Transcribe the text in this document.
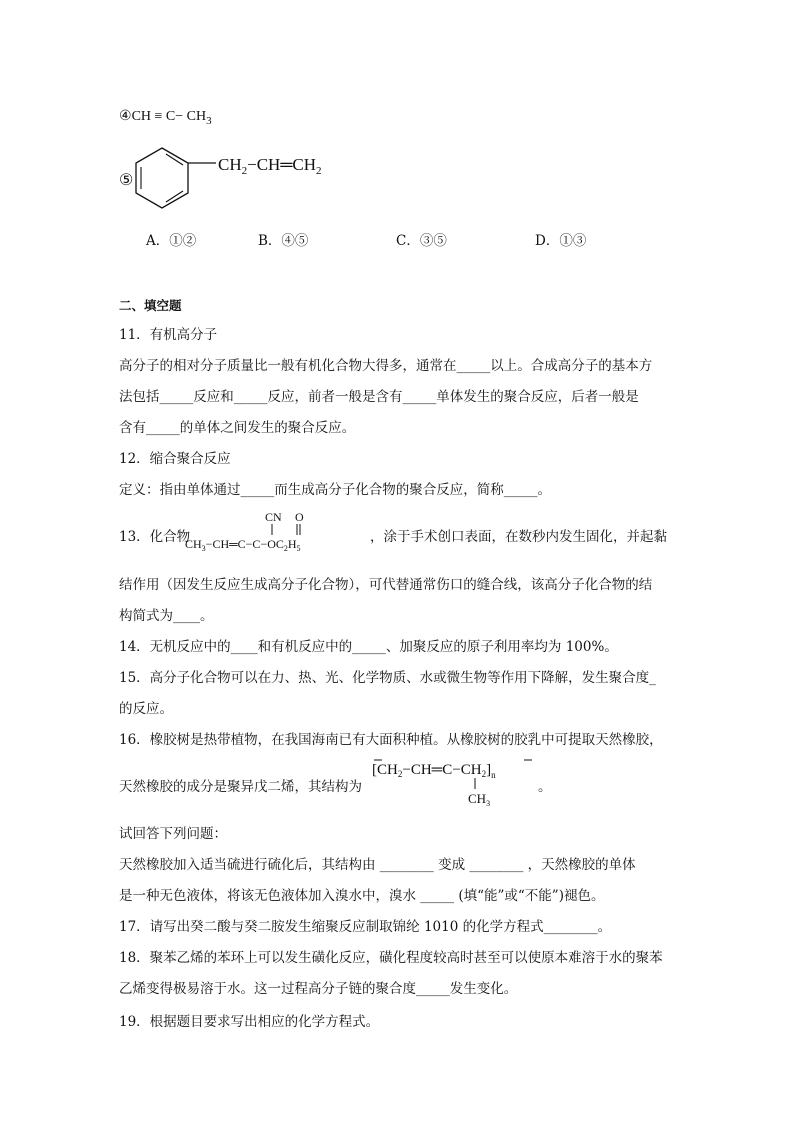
④CH ≡ $C- CH_3$
⑤
$CH_2-CH═CH_2$
A．①②	B．④⑤	C．③⑤	D．①③
二、填空题
11．有机高分子
高分子的相对分子质量比一般有机化合物大得多，通常在_____以上。合成高分子的基本方
法包括_____反应和_____反应，前者一般是含有_____单体发生的聚合反应，后者一般是
含有_____的单体之间发生的聚合反应。
12．缩合聚合反应
定义：指由单体通过_____而生成高分子化合物的聚合反应，简称_____。
13．化合物
CN O
$CH_3-CH═C-C-OC_2H_5$
，涂于手术创口表面，在数秒内发生固化，并起黏
结作用（因发生反应生成高分子化合物），可代替通常伤口的缝合线，该高分子化合物的结
构简式为____。
14．无机反应中的____和有机反应中的_____、加聚反应的原子利用率均为 100%。
15．高分子化合物可以在力、热、光、化学物质、水或微生物等作用下降解，发生聚合度_
的反应。
16．橡胶树是热带植物，在我国海南已有大面积种植。从橡胶树的胶乳中可提取天然橡胶，
天然橡胶的成分是聚异戊二烯，其结构为
$[CH_2-CH═C-CH_2]_n$
$CH_3$
。
试回答下列问题：
天然橡胶加入适当硫进行硫化后，其结构由 ________ 变成 ________ ，天然橡胶的单体
是一种无色液体，将该无色液体加入溴水中，溴水 _____ (填“能”或“不能”)褪色。
17．请写出癸二酸与癸二胺发生缩聚反应制取锦纶 1010 的化学方程式________。
18．聚苯乙烯的苯环上可以发生磺化反应，磺化程度较高时甚至可以使原本难溶于水的聚苯
乙烯变得极易溶于水。这一过程高分子链的聚合度_____发生变化。
19．根据题目要求写出相应的化学方程式。
